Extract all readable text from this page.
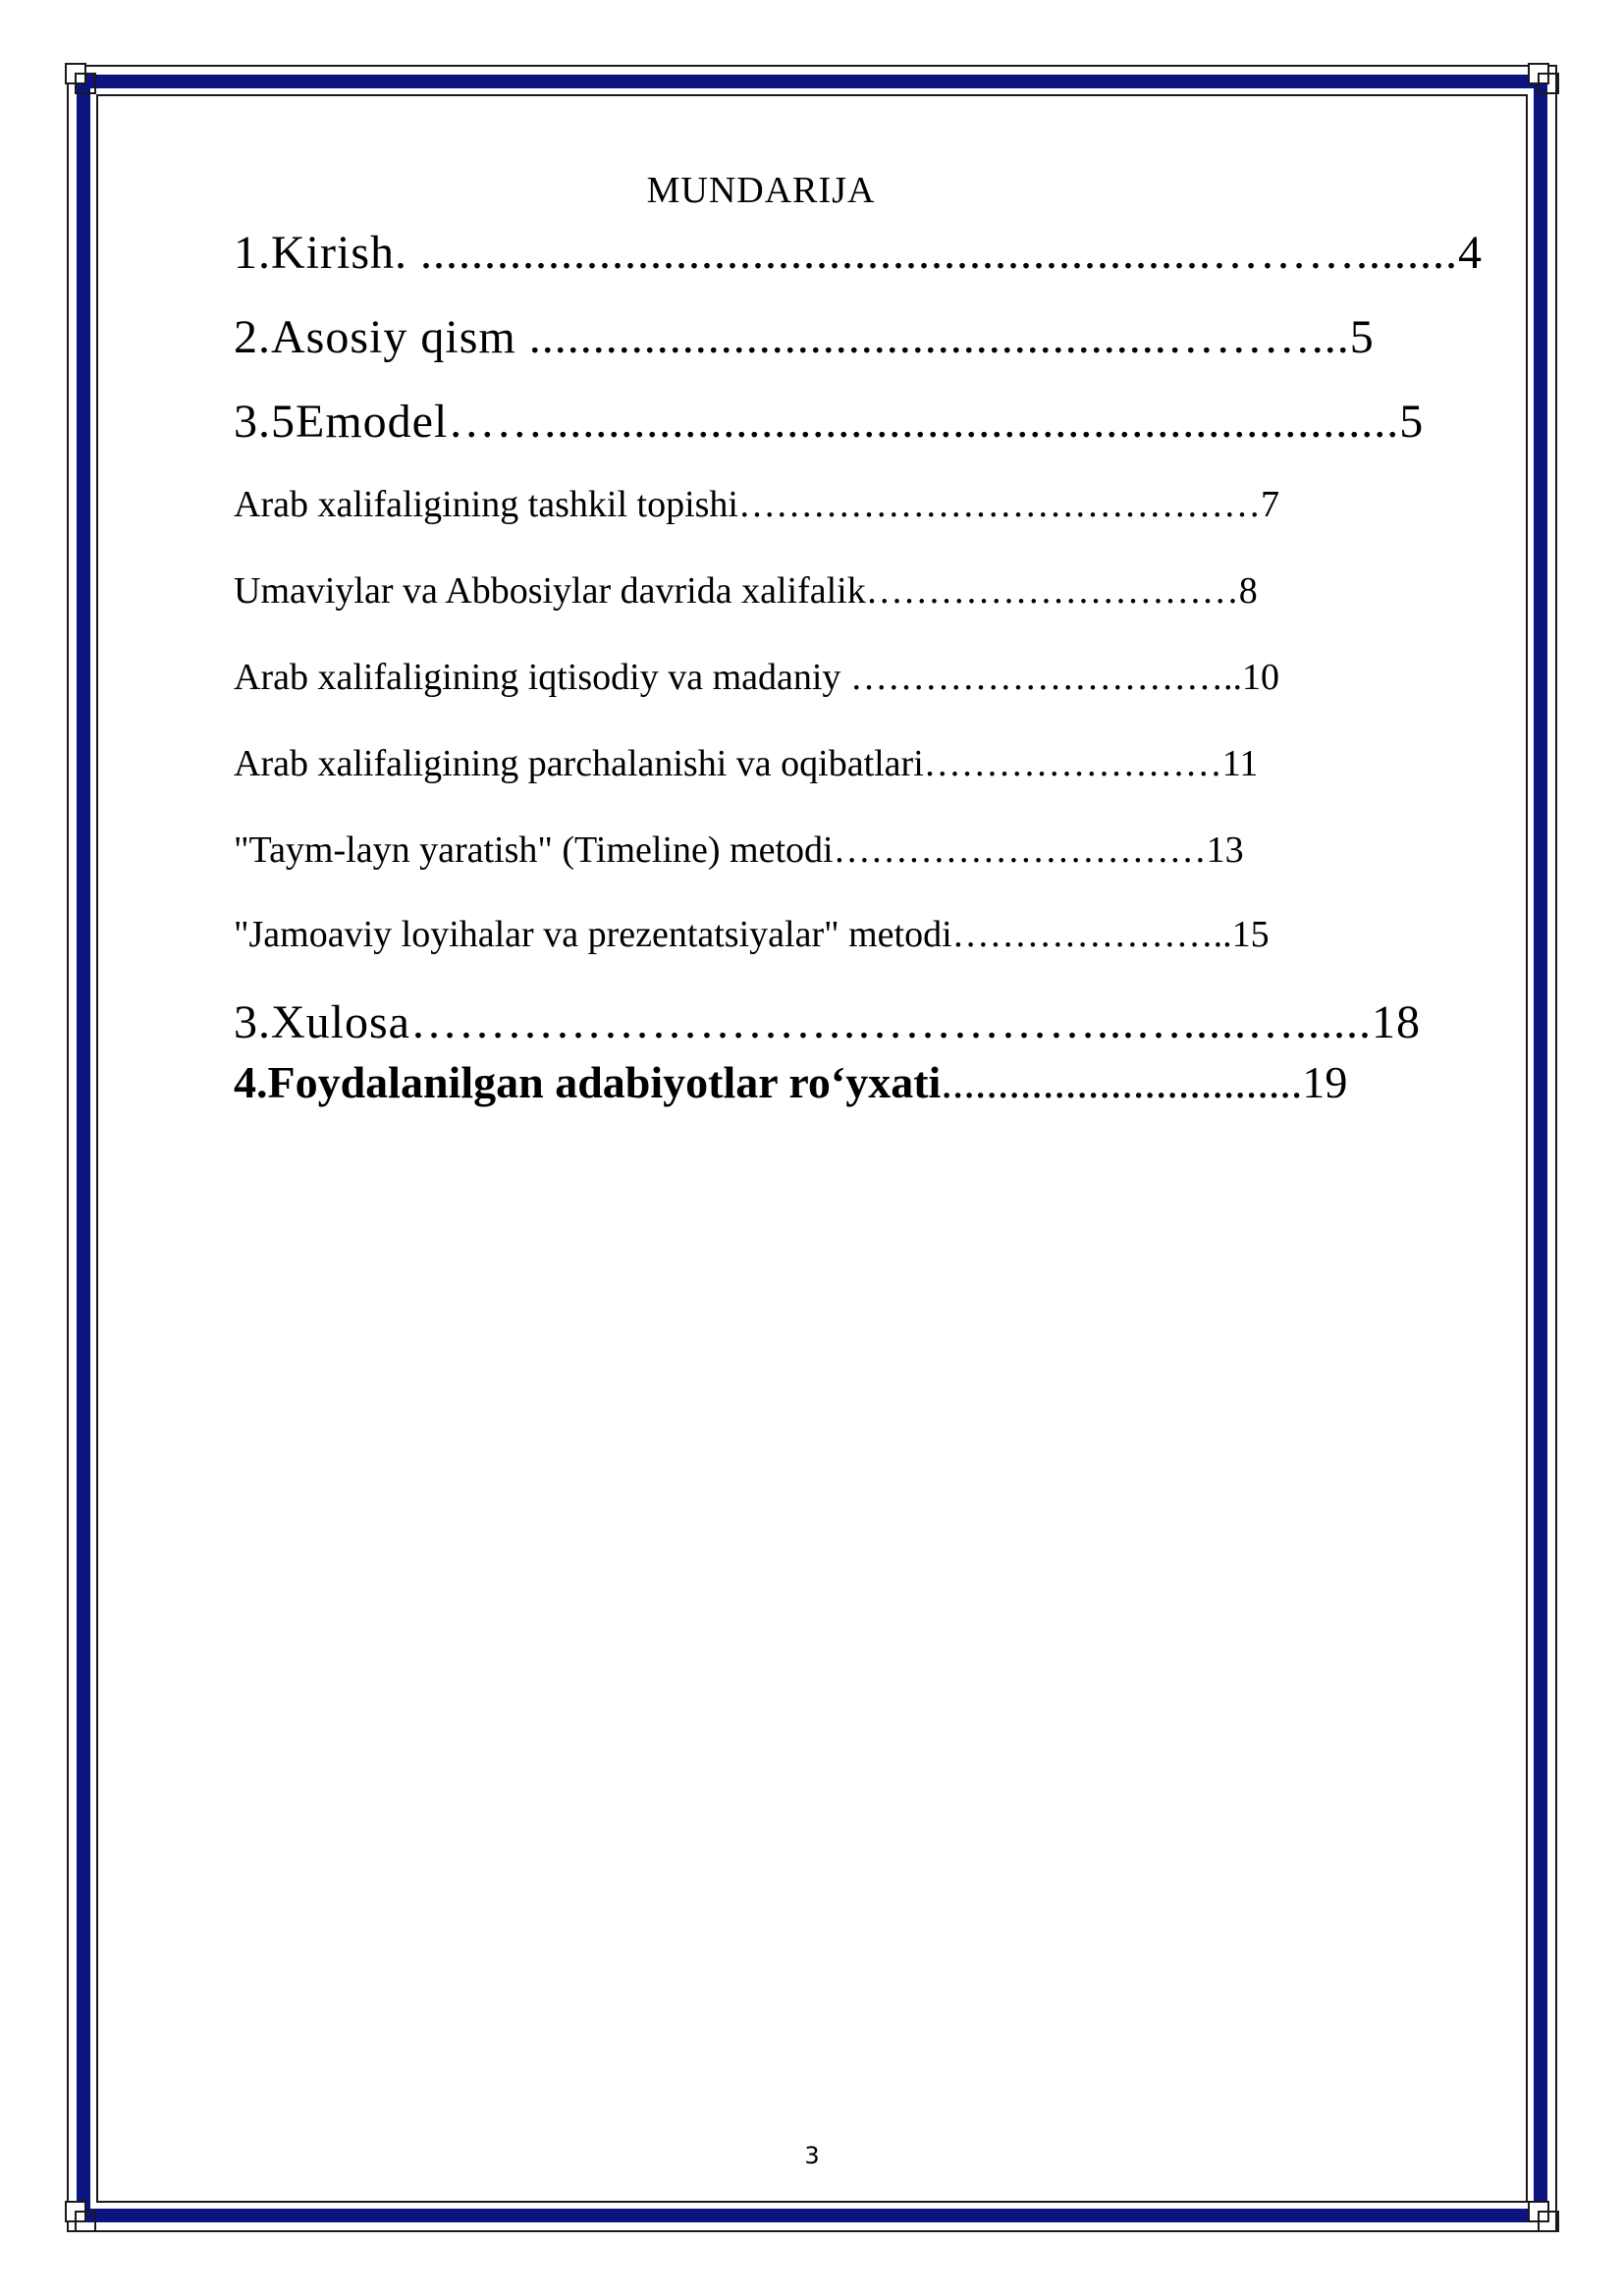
MUNDARIJA
1.Kirish. ..............................................................………........4
2.Asosiy qism ..................................................………...5
3.5Emodel……...................................................................5
Arab xalifaligining tashkil topishi……………………………………7
Umaviylar va Abbosiylar davrida xalifalik…………………………8
Arab xalifaligining iqtisodiy va madaniy …………………………..10
Arab xalifaligining parchalanishi va oqibatlari……………………11
"Taym-layn yaratish" (Timeline) metodi…………………………13
"Jamoaviy loyihalar va prezentatsiyalar" metodi…………………..15
3.Xulosa……………………….……………...….....…......18
4.Foydalanilgan adabiyotlar ro‘yxati................................19
3
